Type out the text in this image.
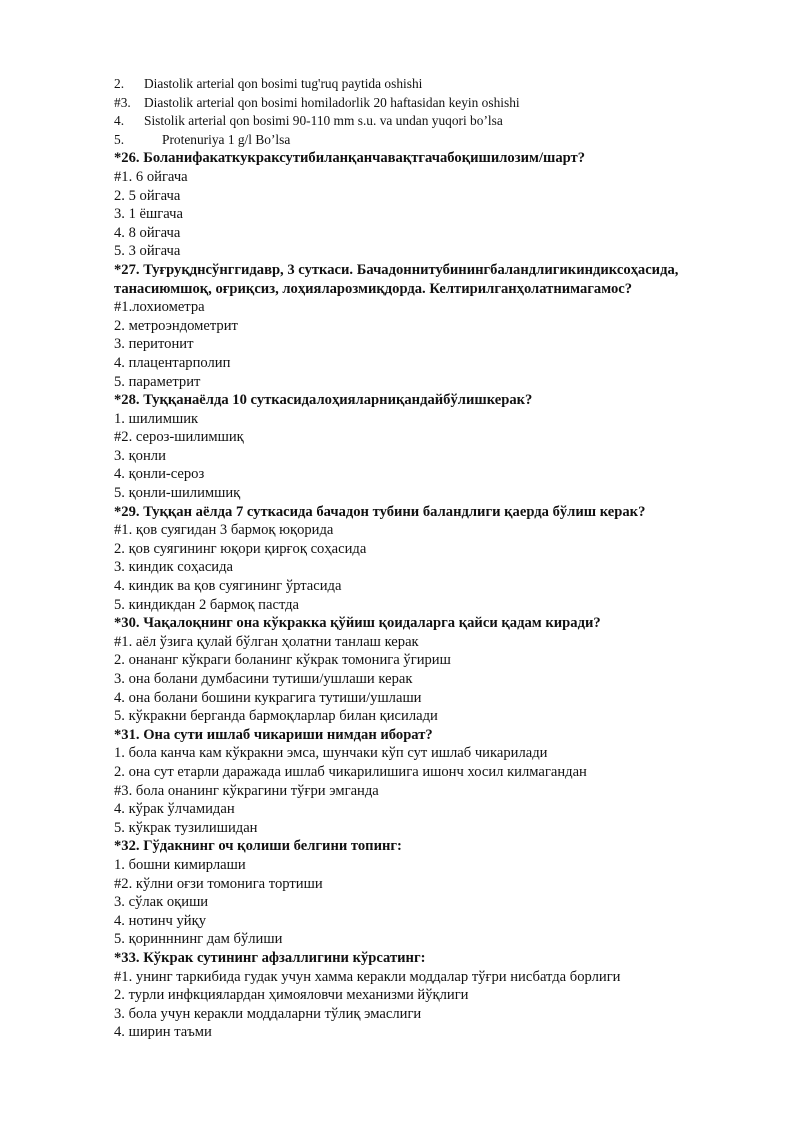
2. Diastolik arterial qon bosimi tug'ruq paytida oshishi
#3. Diastolik arterial qon bosimi homiladorlik 20 haftasidan keyin oshishi
4. Sistolik arterial qon bosimi 90-110 mm s.u. va undan yuqori bo’lsa
5.	Protenuriya 1 g/l Bo’lsa
*26. Боланифакаткукраксутибиланқанчавақтгачабоқишилозим/шарт?
#1. 6 ойгача
2. 5 ойгача
3. 1 ёшгача
4. 8 ойгача
5. 3 ойгача
*27. Туғруқдн​сўнггидавр, 3 суткаси. Бачадоннитубинингбаландлигикиндиксоҳасида,
танасиюмшоқ, оғриқсиз, лоҳияларозмиқдорда. Келтирилганҳолатнимагамос?
#1.лохиометра
2. метроэндометрит
3. перитонит
4. плацентарполип
5. параметрит
*28. Туққанаёлда 10 суткасидалоҳияларниқандайбўлишкерак?
1. шилимшик
#2. сероз-шилимшиқ
3. қонли
4. қонли-сероз
5. қонли-шилимшиқ
*29. Туққан аёлда 7 суткасида бачадон тубини баландлиги қаерда бўлиш керак?
#1. қов суягидан 3 бармоқ юқорида
2. қов суягининг юқори қирғоқ соҳасида
3. киндик соҳасида
4. киндик ва қов суягининг ўртасида
5. киндикдан 2 бармоқ пастда
*30. Чақалоқнинг она кўкракка қўйиш қоидаларга қайси қадам киради?
#1. аёл ўзига қулай бўлган ҳолатни танлаш керак
2. онананг кўкраги боланинг кўкрак томонига ўгириш
3. она болани думбасини тутиши/ушлаши керак
4. она болани бошини кукрагига тутиши/ушлаши
5. кўкракни берганда бармоқларлар билан қисилади
*31. Она сути ишлаб чикариши нимдан иборат?
1. бола канча кам кўкракни эмса, шунчаки кўп сут ишлаб чикарилади
2. она сут етарли даражада ишлаб чикарилишига ишонч хосил килмагандан
#3. бола онанинг кўкрагини тўғри эмганда
4. кўрак ўлчамидан
5. кўкрак тузилишидан
*32. Гўдакнинг оч қолиши белгини топинг:
1. бошни кимирлаши
#2. кўлни оғзи томонига тортиши
3. сўлак оқиши
4. нотинч уйқу
5. қоринннинг дам бўлиши
*33. Кўкрак сутининг афзаллигини кўрсатинг:
#1. унинг таркибида гудак учун хамма керакли моддалар тўғри нисбатда борлиги
2. турли инфкциялардан ҳимояловчи механизми йўқлиги
3. бола учун керакли моддаларни тўлиқ эмаслиги
4. ширин таъми
